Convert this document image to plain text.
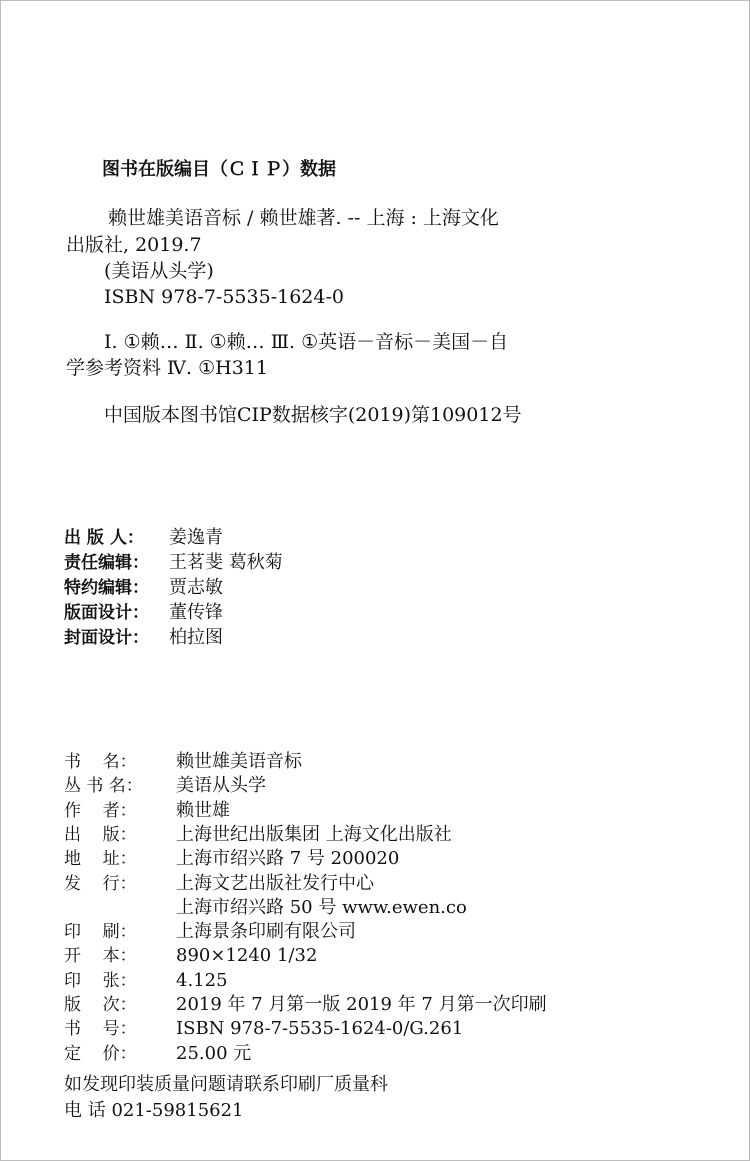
图书在版编目（ＣＩＰ）数据
赖世雄美语音标 / 赖世雄著. -- 上海 : 上海文化
出版社, 2019.7
(美语从头学)
ISBN 978-7-5535-1624-0
Ⅰ. ①赖… Ⅱ. ①赖… Ⅲ. ①英语－音标－美国－自
学参考资料 Ⅳ. ①H311
中国版本图书馆CIP数据核字(2019)第109012号
出 版 人： 姜逸青
责任编辑： 王茗斐 葛秋菊
特约编辑： 贾志敏
版面设计： 董传锋
封面设计： 柏拉图
书    名： 赖世雄美语音标
丛 书 名： 美语从头学
作    者： 赖世雄
出    版： 上海世纪出版集团 上海文化出版社
地    址： 上海市绍兴路 7 号 200020
发    行： 上海文艺出版社发行中心
上海市绍兴路 50 号 www.ewen.co
印    刷： 上海景条印刷有限公司
开    本： 890×1240 1/32
印    张： 4.125
版    次： 2019 年 7 月第一版 2019 年 7 月第一次印刷
书    号： ISBN 978-7-5535-1624-0/G.261
定    价： 25.00 元
如发现印装质量问题请联系印刷厂质量科
电 话 021-59815621
